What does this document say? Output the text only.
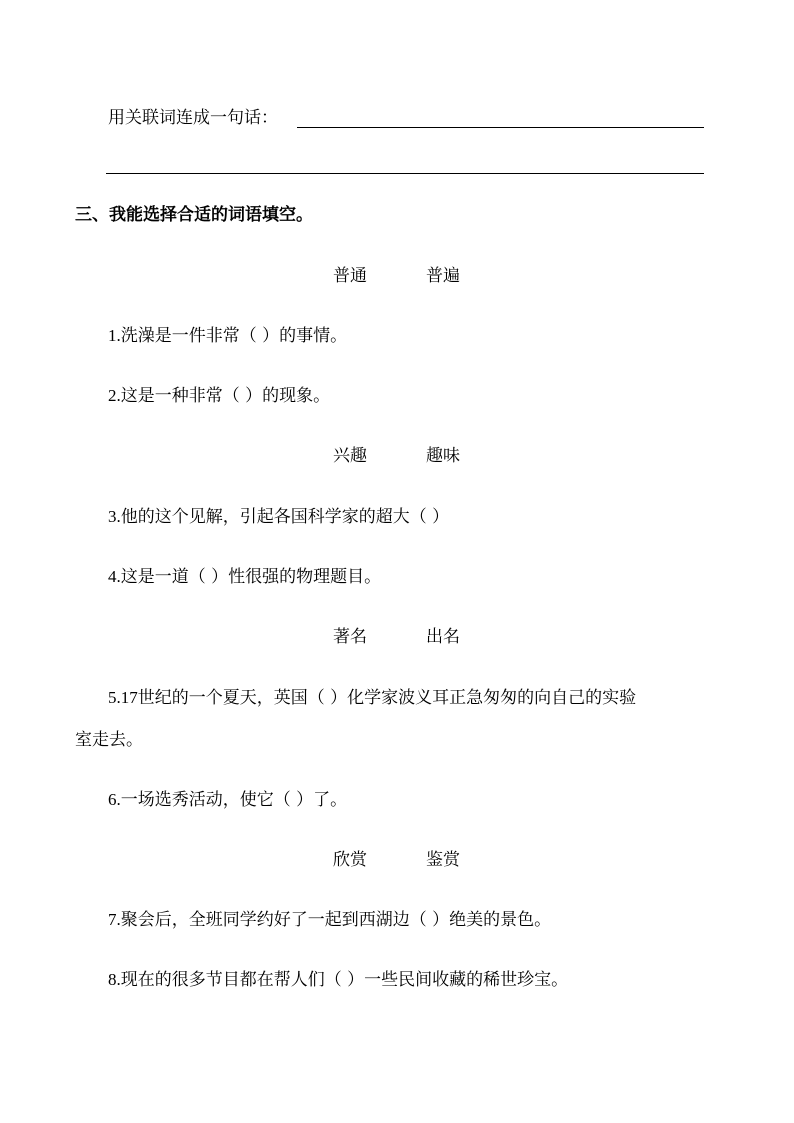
用关联词连成一句话：
三、我能选择合适的词语填空。
普通	普遍
1.洗澡是一件非常（ ）的事情。
2.这是一种非常（ ）的现象。
兴趣	趣味
3.他的这个见解，引起各国科学家的超大（ ）
4.这是一道（ ）性很强的物理题目。
著名	出名
5.17世纪的一个夏天，英国（ ）化学家波义耳正急匆匆的向自己的实验
室走去。
6.一场选秀活动，使它（ ）了。
欣赏	鉴赏
7.聚会后，全班同学约好了一起到西湖边（ ）绝美的景色。
8.现在的很多节目都在帮人们（ ）一些民间收藏的稀世珍宝。
